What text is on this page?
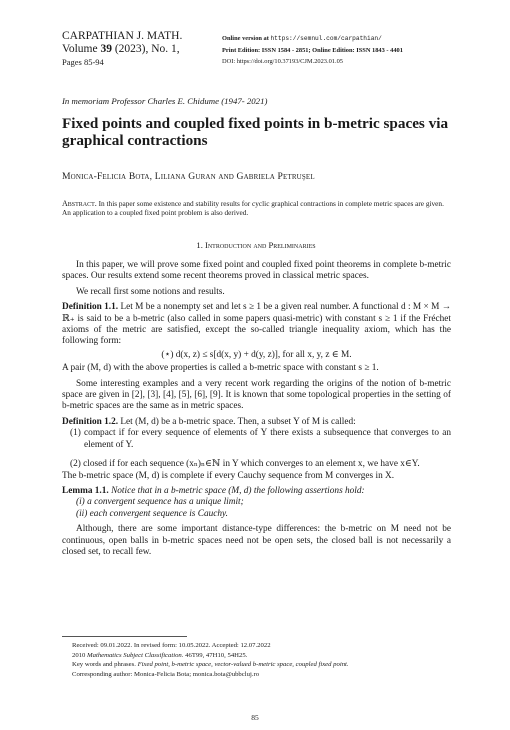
CARPATHIAN J. MATH.
Volume 39 (2023), No. 1,
Pages 85-94
Online version at https://semnul.com/carpathian/
Print Edition: ISSN 1584 - 2851; Online Edition: ISSN 1843 - 4401
DOI: https://doi.org/10.37193/CJM.2023.01.05
In memoriam Professor Charles E. Chidume (1947- 2021)
Fixed points and coupled fixed points in b-metric spaces via graphical contractions
Monica-Felicia Bota, Liliana Guran and Gabriela Petruşel
Abstract. In this paper some existence and stability results for cyclic graphical contractions in complete metric spaces are given. An application to a coupled fixed point problem is also derived.
1. Introduction and Preliminaries

In this paper, we will prove some fixed point and coupled fixed point theorems in complete b-metric spaces. Our results extend some recent theorems proved in classical metric spaces.

We recall first some notions and results.

Definition 1.1. Let M be a nonempty set and let s ≥ 1 be a given real number. A functional d : M × M → ℝ₊ is said to be a b-metric (also called in some papers quasi-metric) with constant s ≥ 1 if the Fréchet axioms of the metric are satisfied, except the so-called triangle inequality axiom, which has the following form:

(⋆) d(x, z) ≤ s[d(x, y) + d(y, z)], for all x, y, z ∈ M.

A pair (M, d) with the above properties is called a b-metric space with constant s ≥ 1.

Some interesting examples and a very recent work regarding the origins of the notion of b-metric space are given in [2], [3], [4], [5], [6], [9]. It is known that some topological properties in the setting of b-metric spaces are the same as in metric spaces.

Definition 1.2. Let (M, d) be a b-metric space. Then, a subset Y of M is called:

(1) compact if for every sequence of elements of Y there exists a subsequence that converges to an element of Y.

(2) closed if for each sequence (xₙ)ₙ∈ℕ in Y which converges to an element x, we have x∈Y.

The b-metric space (M, d) is complete if every Cauchy sequence from M converges in X.

Lemma 1.1. Notice that in a b-metric space (M, d) the following assertions hold:

(i) a convergent sequence has a unique limit;

(ii) each convergent sequence is Cauchy.

Although, there are some important distance-type differences: the b-metric on M need not be continuous, open balls in b-metric spaces need not be open sets, the closed ball is not necessarily a closed set, to recall few.

Received: 09.01.2022. In revised form: 10.05.2022. Accepted: 12.07.2022
2010 Mathematics Subject Classification. 46T99, 47H10, 54H25.
Key words and phrases. Fixed point, b-metric space, vector-valued b-metric space, coupled fixed point.
Corresponding author: Monica-Felicia Bota; monica.bota@ubbcluj.ro
85
